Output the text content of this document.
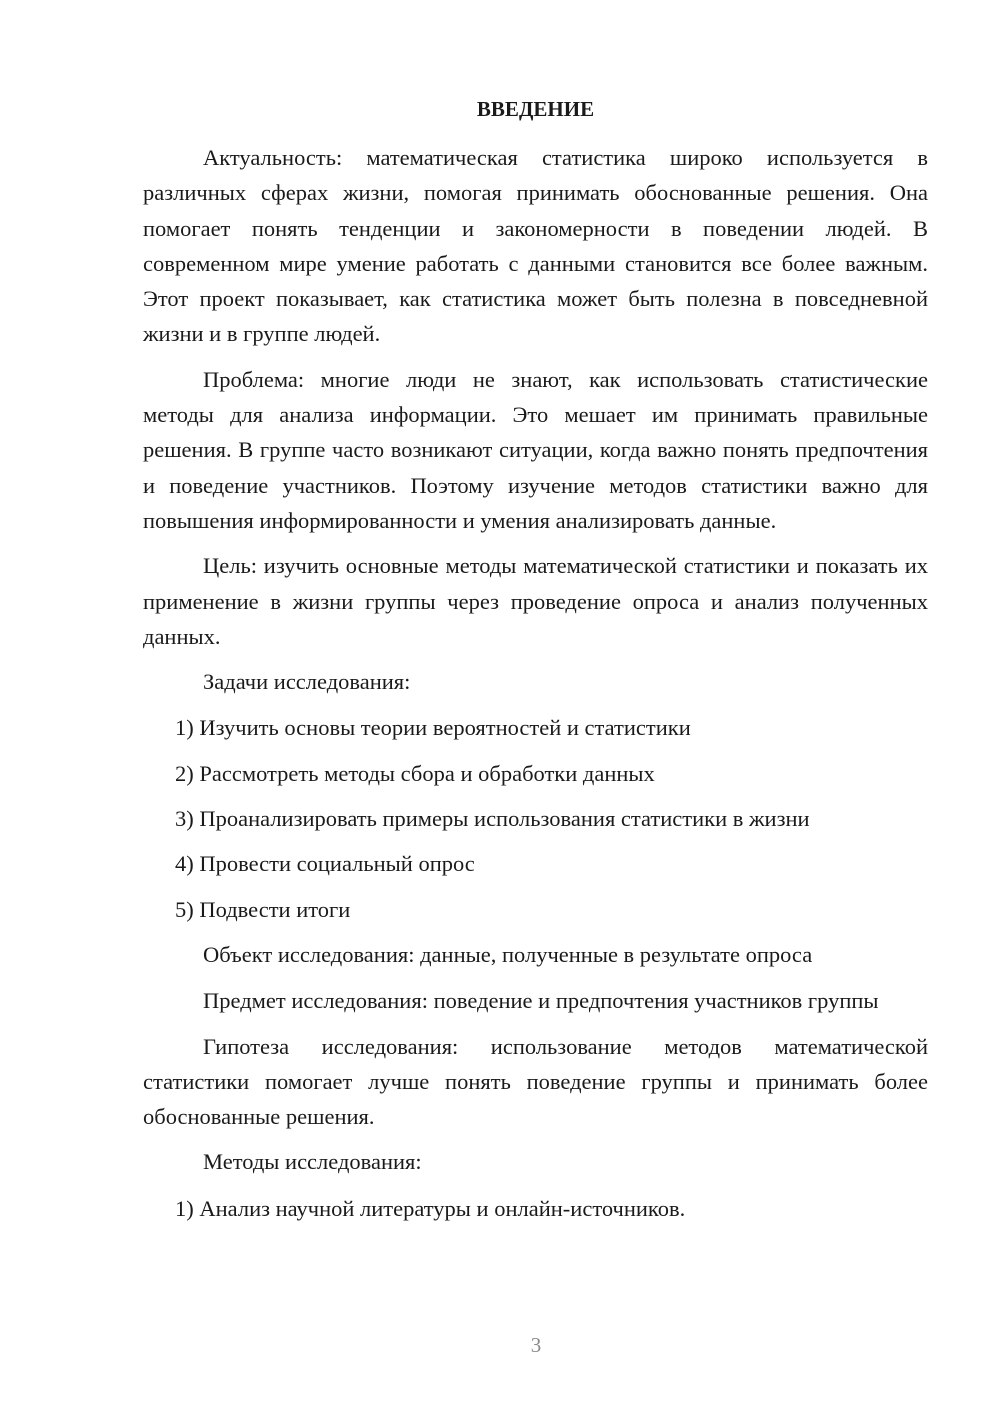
ВВЕДЕНИЕ
Актуальность: математическая статистика широко используется в различных сферах жизни, помогая принимать обоснованные решения. Она помогает понять тенденции и закономерности в поведении людей. В современном мире умение работать с данными становится все более важным. Этот проект показывает, как статистика может быть полезна в повседневной жизни и в группе людей.
Проблема: многие люди не знают, как использовать статистические методы для анализа информации. Это мешает им принимать правильные решения. В группе часто возникают ситуации, когда важно понять предпочтения и поведение участников. Поэтому изучение методов статистики важно для повышения информированности и умения анализировать данные.
Цель: изучить основные методы математической статистики и показать их применение в жизни группы через проведение опроса и анализ полученных данных.
Задачи исследования:
1) Изучить основы теории вероятностей и статистики
2) Рассмотреть методы сбора и обработки данных
3) Проанализировать примеры использования статистики в жизни
4) Провести социальный опрос
5) Подвести итоги
Объект исследования: данные, полученные в результате опроса
Предмет исследования: поведение и предпочтения участников группы
Гипотеза исследования: использование методов математической статистики помогает лучше понять поведение группы и принимать более обоснованные решения.
Методы исследования:
1) Анализ научной литературы и онлайн-источников.
3
